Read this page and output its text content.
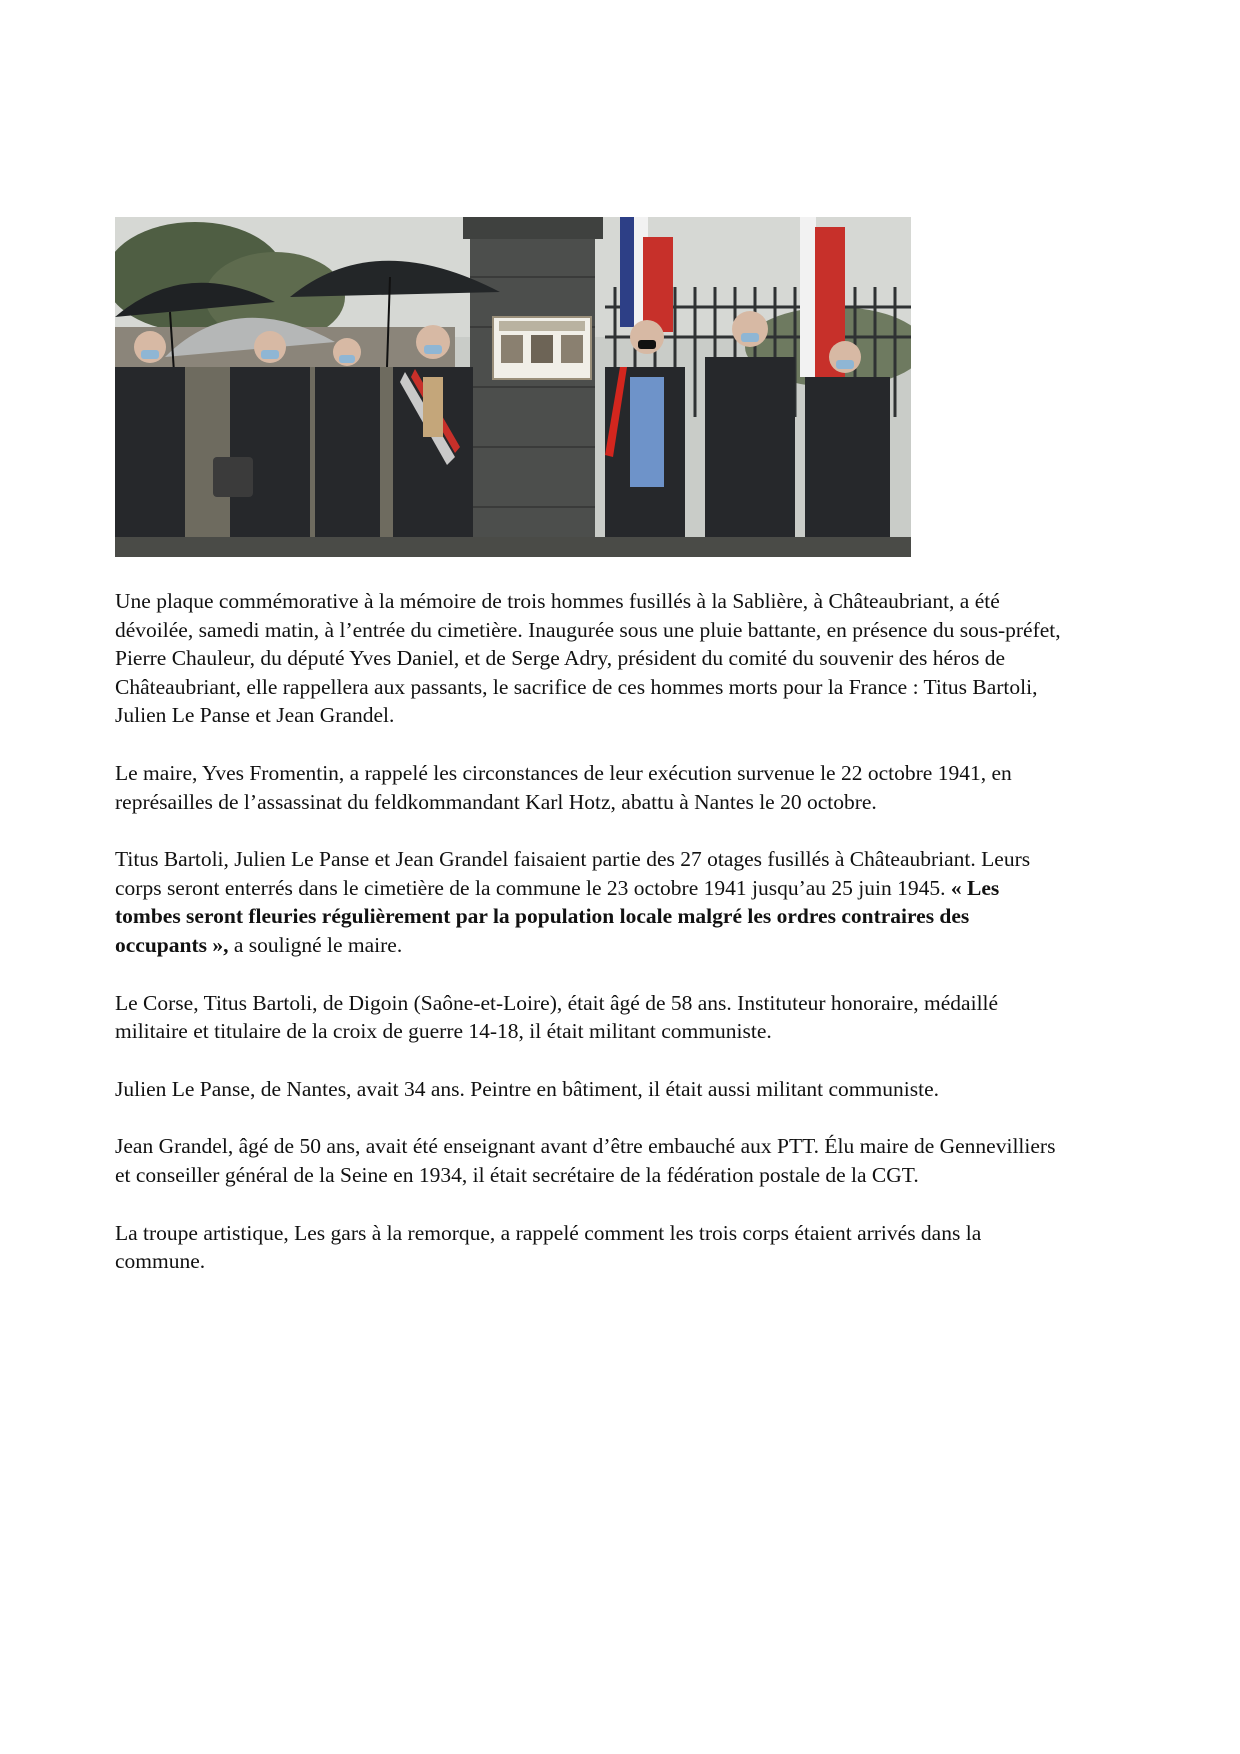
Une plaque commémorative à la mémoire de trois hommes fusillés à la Sablière, à Châteaubriant, a été dévoilée, samedi matin, à l’entrée du cimetière. Inaugurée sous une pluie battante, en présence du sous-préfet, Pierre Chauleur, du député Yves Daniel, et de Serge Adry, président du comité du souvenir des héros de Châteaubriant, elle rappellera aux passants, le sacrifice de ces hommes morts pour la France : Titus Bartoli, Julien Le Panse et Jean Grandel.

Le maire, Yves Fromentin, a rappelé les circonstances de leur exécution survenue le 22 octobre 1941, en représailles de l’assassinat du feldkommandant Karl Hotz, abattu à Nantes le 20 octobre.

Titus Bartoli, Julien Le Panse et Jean Grandel faisaient partie des 27 otages fusillés à Châteaubriant. Leurs corps seront enterrés dans le cimetière de la commune le 23 octobre 1941 jusqu’au 25 juin 1945. « Les tombes seront fleuries régulièrement par la population locale malgré les ordres contraires des occupants », a souligné le maire.

Le Corse, Titus Bartoli, de Digoin (Saône-et-Loire), était âgé de 58 ans. Instituteur honoraire, médaillé militaire et titulaire de la croix de guerre 14-18, il était militant communiste.

Julien Le Panse, de Nantes, avait 34 ans. Peintre en bâtiment, il était aussi militant communiste.

Jean Grandel, âgé de 50 ans, avait été enseignant avant d’être embauché aux PTT. Élu maire de Gennevilliers et conseiller général de la Seine en 1934, il était secrétaire de la fédération postale de la CGT.

La troupe artistique, Les gars à la remorque, a rappelé comment les trois corps étaient arrivés dans la commune.
